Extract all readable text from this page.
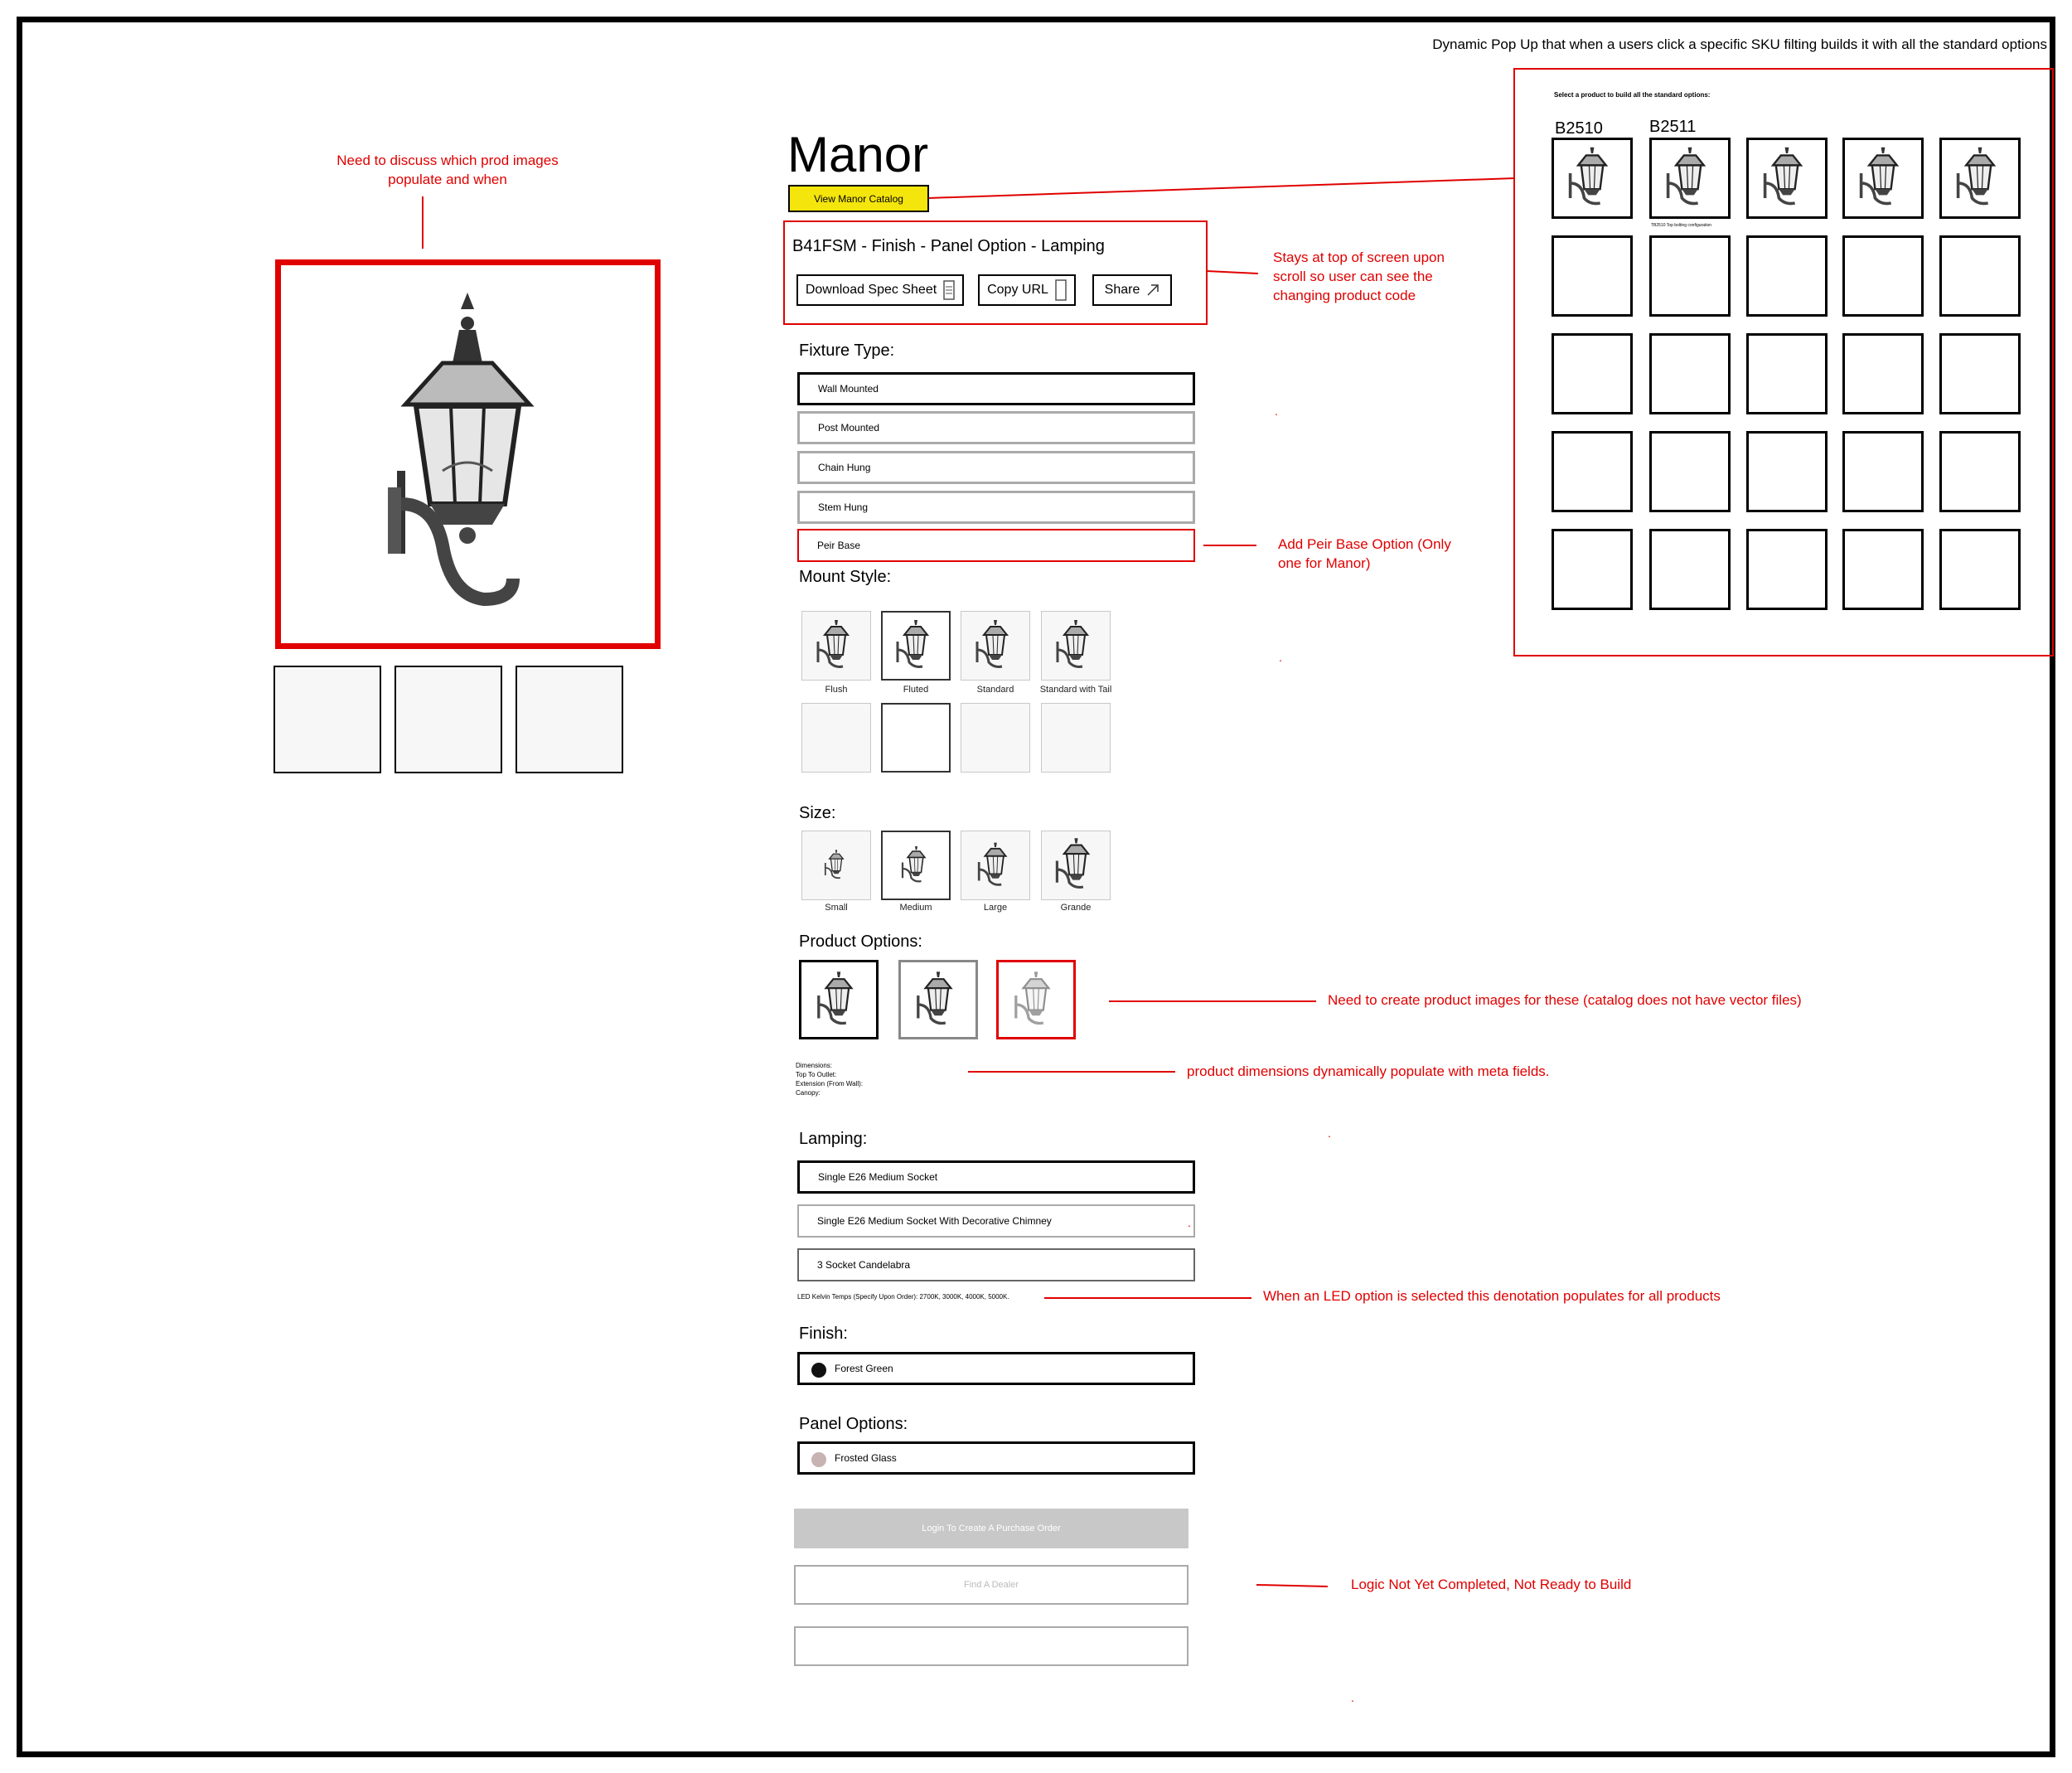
Dynamic Pop Up that when a users click a specific SKU filting builds it with all the standard options
Select a product to build all the standard options:
B2510	B2511
TB2510 Top bolting configuration
Need to discuss which prod images populate and when	Manor
View Manor Catalog
B41FSM - Finish - Panel Option - Lamping
Download Spec Sheet	Copy URL	Share
Stays at top of screen upon scroll so user can see the changing product code
Fixture Type:
Wall Mounted
Post Mounted
Chain Hung
Stem Hung
Peir Base	Add Peir Base Option (Only one for Manor)
Mount Style:
Flush	Fluted	Standard	Standard with Tail
Size:
Small	Medium	Large	Grande
Product Options:
Need to create product images for these (catalog does not have vector files)
Dimensions:
Top To Outlet:
Extension (From Wall):
Canopy:
product dimensions dynamically populate with meta fields.
Lamping:
Single E26 Medium Socket
Single E26 Medium Socket With Decorative Chimney
3 Socket Candelabra
LED Kelvin Temps (Specify Upon Order): 2700K, 3000K, 4000K, 5000K.	When an LED option is selected this denotation populates for all products
Finish:
Forest Green
Panel Options:
Frosted Glass
Login To Create A Purchase Order
Find A Dealer	Logic Not Yet Completed, Not Ready to Build
.
.
.
.
.
